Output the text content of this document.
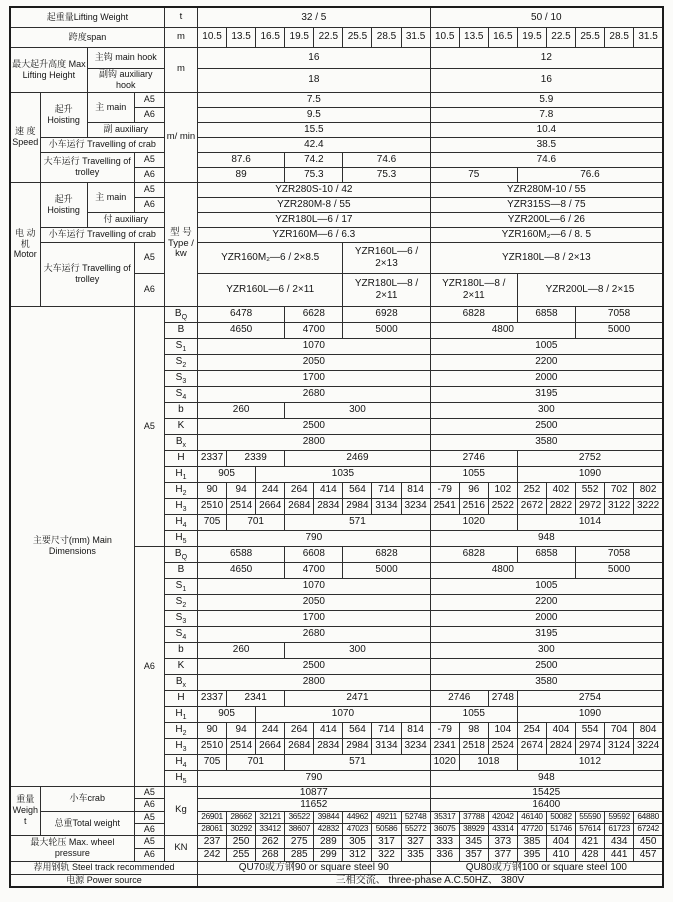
起重量Lifting Weight				t	32 / 5								50 / 10							
跨度span				m	10.5	13.5	16.5	19.5	22.5	25.5	28.5	31.5	10.5	13.5	16.5	19.5	22.5	25.5	28.5	31.5
最大起升高度 Max Lifting Height		主钩 main hook		m	16								12							
		副钩 auxiliary hook			18								16							
速 度 Speed	起升 Hoisting	主 main	A5	m/ min	7.5								5.9							
			A6		9.5								7.8							
		副 auxiliary			15.5								10.4							
	小车运行 Travelling of crab				42.4								38.5							
	大车运行 Travelling of trolley		A5		87.6			74.2		74.6			74.6							
			A6		89			75.3		75.3			75			76.6				
电 动 机 Motor	起升 Hoisting	主 main	A5	型 号 Type / kw	YZR280S-10 / 42								YZR280M-10 / 55							
			A6		YZR280M-8 / 55								YZR315S—8 / 75							
		付 auxiliary			YZR180L—6 / 17								YZR200L—6 / 26							
	小车运行 Travelling of crab				YZR160M—6 / 6.3								YZR160M₂—6 / 8. 5							
	大车运行 Travelling of trolley		A5		YZR160M₂—6 / 2×8.5					YZR160L—6 / 2×13			YZR180L—8 / 2×13							
			A6		YZR160L—6 / 2×11					YZR180L—8 / 2×11			YZR180L—8 / 2×11			YZR200L—8 / 2×15				
主要尺寸(mm) Main Dimensions			A5	$B_Q$	6478			6628		6928			6828			6858		7058		
				B	4650			4700		5000			4800					5000		
				$S_1$	1070								1005							
				$S_2$	2050								2200							
				$S_3$	1700								2000							
				$S_4$	2680								3195							
				b	260			300					300							
				K	2500								2500							
				$B_x$	2800								3580							
				H	2337	2339		2469					2746			2752				
				$H_1$	905		1035						1055			1090				
				$H_2$	90	94	244	264	414	564	714	814	-79	96	102	252	402	552	702	802
				$H_3$	2510	2514	2664	2684	2834	2984	3134	3234	2541	2516	2522	2672	2822	2972	3122	3222
				$H_4$	705	701		571					1020			1014				
				$H_5$	790								948							
			A6	$B_Q$	6588			6608		6828			6828			6858		7058		
				B	4650			4700		5000			4800					5000		
				$S_1$	1070								1005							
				$S_2$	2050								2200							
				$S_3$	1700								2000							
				$S_4$	2680								3195							
				b	260			300					300							
				K	2500								2500							
				$B_x$	2800								3580							
				H	2337	2341		2471					2746		2748	2754				
				$H_1$	905		1070						1055			1090				
				$H_2$	90	94	244	264	414	564	714	814	-79	98	104	254	404	554	704	804
				$H_3$	2510	2514	2664	2684	2834	2984	3134	3234	2341	2518	2524	2674	2824	2974	3124	3224
				$H_4$	705	701		571					1020	1018		1012				
				$H_5$	790								948							
重量 Weight	小车crab		A5	Kg	10877								15425							
			A6		11652								16400							
	总重Total weight		A5		26901	28662	32121	36522	39844	44962	49211	52748	35317	37788	42042	46140	50082	55590	59592	64880
			A6		28061	30292	33412	38607	42832	47023	50586	55272	36075	38929	43314	47720	51746	57614	61723	67242
最大轮压 Max. wheel pressure			A5	KN	237	250	262	275	289	305	317	327	333	345	373	385	404	421	434	450
			A6		242	255	268	285	299	312	322	335	336	357	377	395	410	428	441	457
荐用钢轨 Steel track recommended					QU70或方钢90 or square steel 90								QU80或方钢100 or square steel 100							
电源 Power source					三相交流、 three-phase A.C.50HZ、 380V															
